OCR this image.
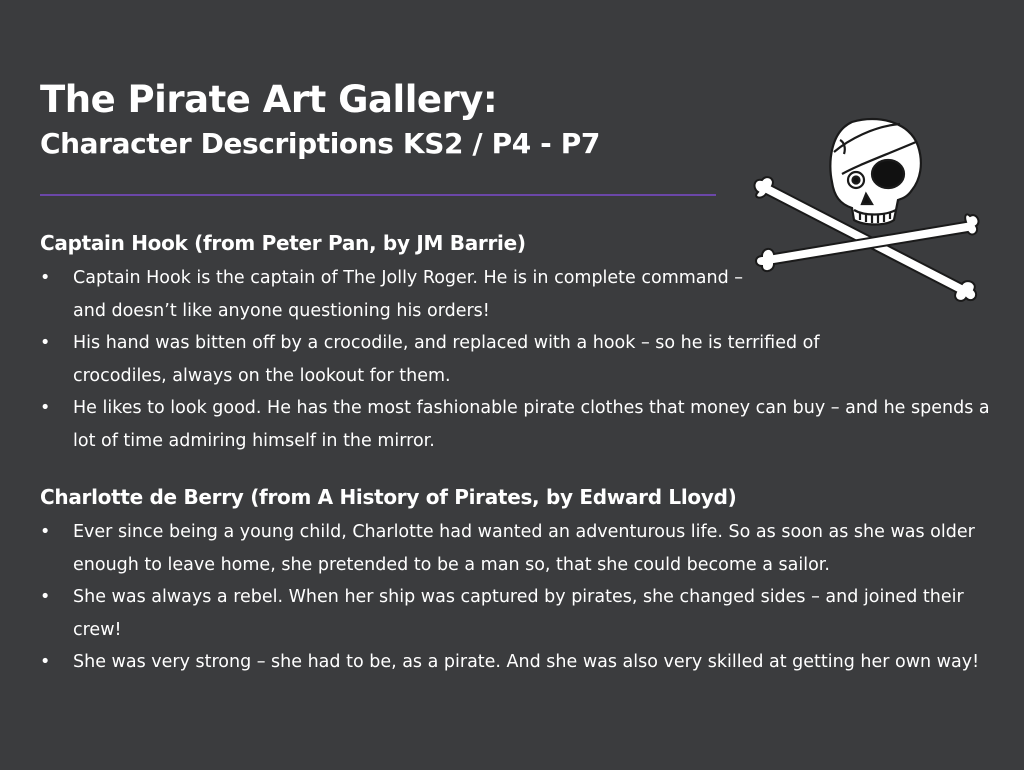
The Pirate Art Gallery:
Character Descriptions KS2 / P4 - P7
Captain Hook (from Peter Pan, by JM Barrie)
• Captain Hook is the captain of The Jolly Roger. He is in complete command – and doesn’t like anyone questioning his orders!
• His hand was bitten off by a crocodile, and replaced with a hook – so he is terrified of crocodiles, always on the lookout for them.
• He likes to look good. He has the most fashionable pirate clothes that money can buy – and he spends a lot of time admiring himself in the mirror.
Charlotte de Berry (from A History of Pirates, by Edward Lloyd)
• Ever since being a young child, Charlotte had wanted an adventurous life. So as soon as she was older enough to leave home, she pretended to be a man so, that she could become a sailor.
• She was always a rebel. When her ship was captured by pirates, she changed sides – and joined their crew!
• She was very strong – she had to be, as a pirate. And she was also very skilled at getting her own way!
